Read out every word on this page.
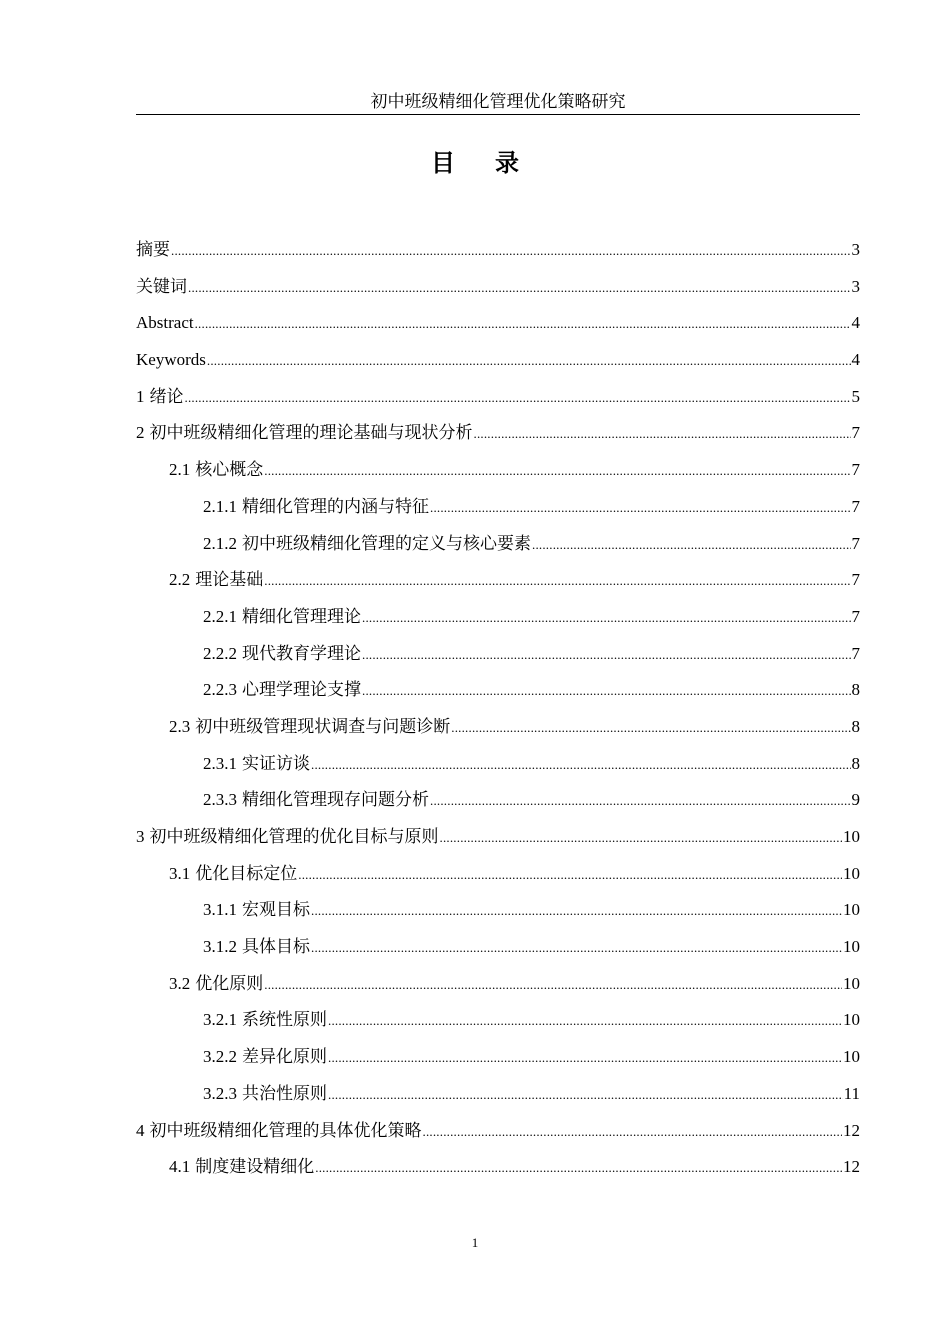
初中班级精细化管理优化策略研究
目录
摘要 .....	3
关键词 .....	3
Abstract .....	4
Keywords .....	4
1 绪论 .....	5
2 初中班级精细化管理的理论基础与现状分析 .....	7
2.1 核心概念 .....	7
2.1.1 精细化管理的内涵与特征 .....	7
2.1.2 初中班级精细化管理的定义与核心要素 .....	7
2.2 理论基础 .....	7
2.2.1 精细化管理理论 .....	7
2.2.2 现代教育学理论 .....	7
2.2.3 心理学理论支撑 .....	8
2.3 初中班级管理现状调查与问题诊断 .....	8
2.3.1 实证访谈 .....	8
2.3.3 精细化管理现存问题分析 .....	9
3 初中班级精细化管理的优化目标与原则 .....	10
3.1 优化目标定位 .....	10
3.1.1 宏观目标 .....	10
3.1.2 具体目标 .....	10
3.2 优化原则 .....	10
3.2.1 系统性原则 .....	10
3.2.2 差异化原则 .....	10
3.2.3 共治性原则 .....	11
4 初中班级精细化管理的具体优化策略 .....	12
4.1 制度建设精细化 .....	12
1
